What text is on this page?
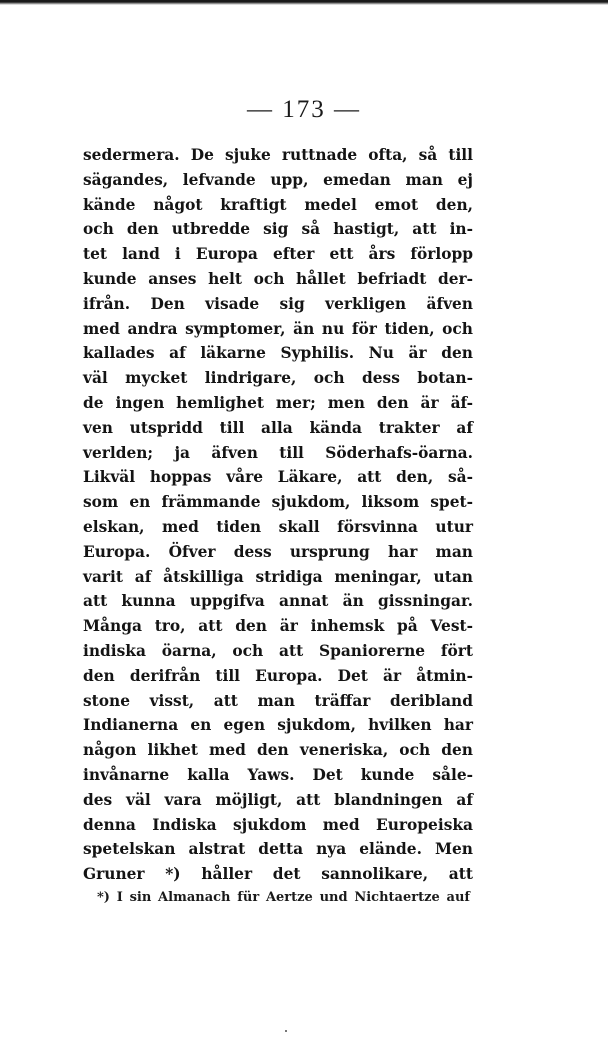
— 173 —
sedermera. De sjuke ruttnade ofta, så till
sägandes, lefvande upp, emedan man ej
kände något kraftigt medel emot den,
och den utbredde sig så hastigt, att in-
tet land i Europa efter ett års förlopp
kunde anses helt och hållet befriadt der-
ifrån. Den visade sig verkligen äfven
med andra symptomer, än nu för tiden, och
kallades af läkarne Syphilis. Nu är den
väl mycket lindrigare, och dess botan-
de ingen hemlighet mer; men den är äf-
ven utspridd till alla kända trakter af
verlden; ja äfven till Söderhafs-öarna.
Likväl hoppas våre Läkare, att den, så-
som en främmande sjukdom, liksom spet-
elskan, med tiden skall försvinna utur
Europa. Öfver dess ursprung har man
varit af åtskilliga stridiga meningar, utan
att kunna uppgifva annat än gissningar.
Många tro, att den är inhemsk på Vest-
indiska öarna, och att Spaniorerne fört
den derifrån till Europa. Det är åtmin-
stone visst, att man träffar deribland
Indianerna en egen sjukdom, hvilken har
någon likhet med den veneriska, och den
invånarne kalla Yaws. Det kunde såle-
des väl vara möjligt, att blandningen af
denna Indiska sjukdom med Europeiska
spetelskan alstrat detta nya elände. Men
Gruner *) håller det sannolikare, att
*) I sin Almanach für Aertze und Nichtaertze auf
